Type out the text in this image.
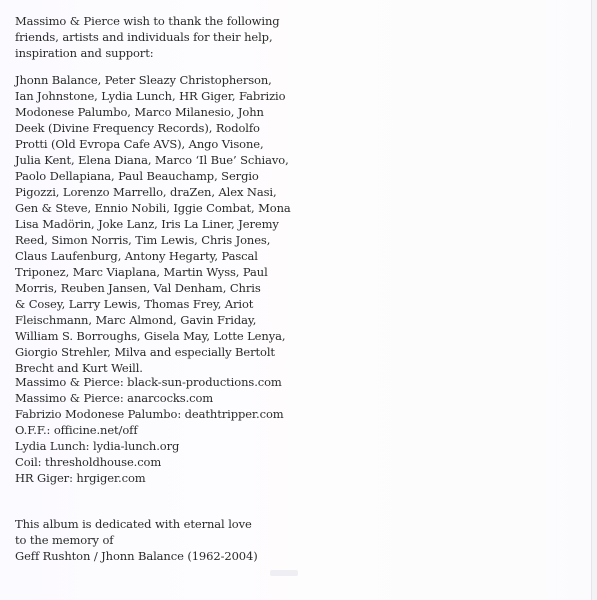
Massimo & Pierce wish to thank the following
friends, artists and individuals for their help,
inspiration and support:
Jhonn Balance, Peter Sleazy Christopherson,
Ian Johnstone, Lydia Lunch, HR Giger, Fabrizio
Modonese Palumbo, Marco Milanesio, John
Deek (Divine Frequency Records), Rodolfo
Protti (Old Evropa Cafe AVS), Ango Visone,
Julia Kent, Elena Diana, Marco ‘Il Bue’ Schiavo,
Paolo Dellapiana, Paul Beauchamp, Sergio
Pigozzi, Lorenzo Marrello, draZen, Alex Nasi,
Gen & Steve, Ennio Nobili, Iggie Combat, Mona
Lisa Madörin, Joke Lanz, Iris La Liner, Jeremy
Reed, Simon Norris, Tim Lewis, Chris Jones,
Claus Laufenburg, Antony Hegarty, Pascal
Triponez, Marc Viaplana, Martin Wyss, Paul
Morris, Reuben Jansen, Val Denham, Chris
& Cosey, Larry Lewis, Thomas Frey, Ariot
Fleischmann, Marc Almond, Gavin Friday,
William S. Borroughs, Gisela May, Lotte Lenya,
Giorgio Strehler, Milva and especially Bertolt
Brecht and Kurt Weill.
Massimo & Pierce: black-sun-productions.com
Massimo & Pierce: anarcocks.com
Fabrizio Modonese Palumbo: deathtripper.com
O.F.F.: officine.net/off
Lydia Lunch: lydia-lunch.org
Coil: thresholdhouse.com
HR Giger: hrgiger.com
This album is dedicated with eternal love
to the memory of
Geff Rushton / Jhonn Balance (1962-2004)
